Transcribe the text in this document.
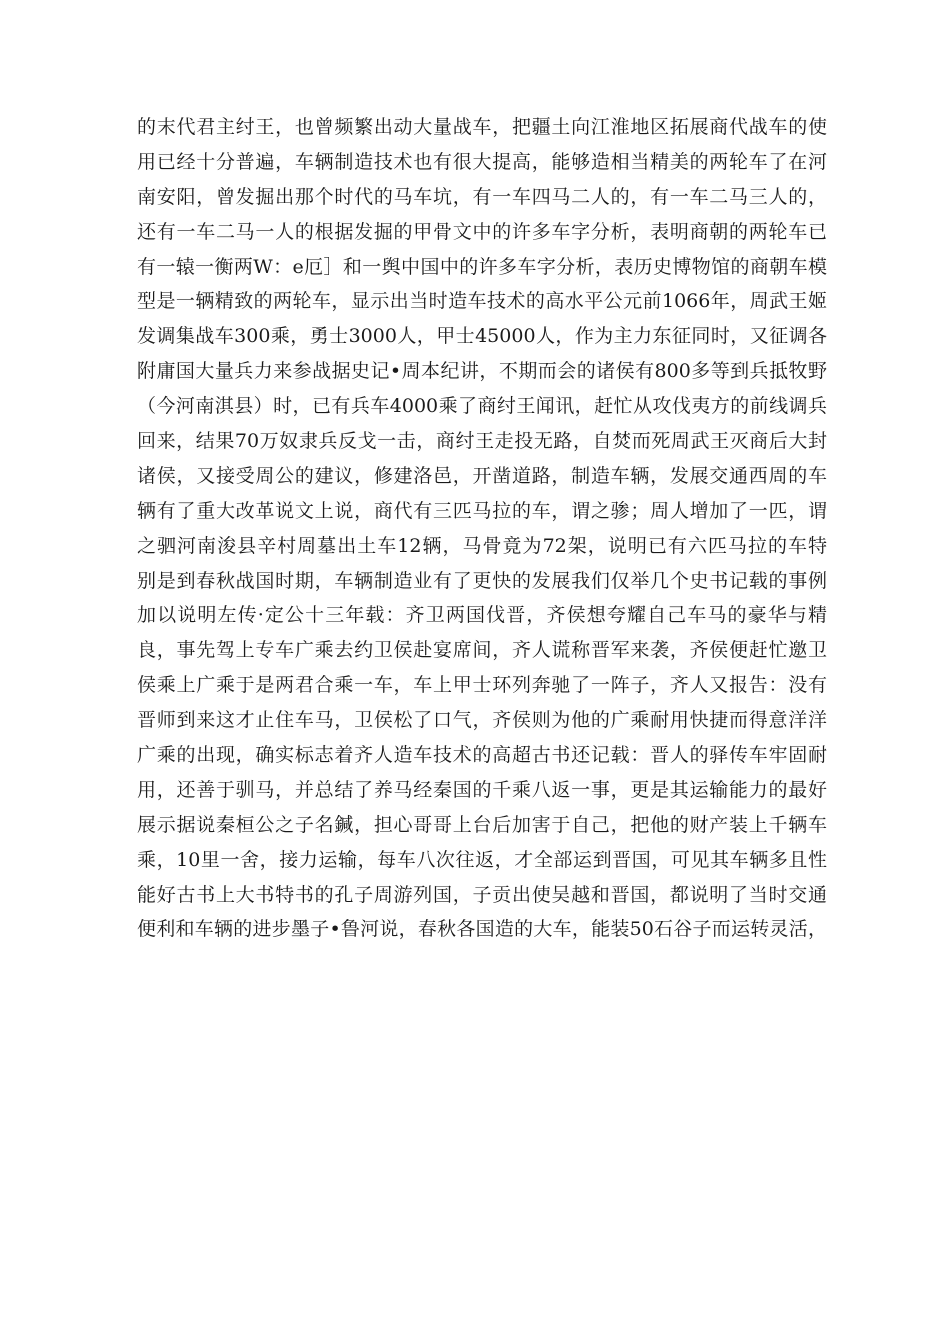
的末代君主纣王，也曾频繁出动大量战车，把疆土向江淮地区拓展商代战车的使
用已经十分普遍，车辆制造技术也有很大提高，能够造相当精美的两轮车了在河
南安阳，曾发掘出那个时代的马车坑，有一车四马二人的，有一车二马三人的，
还有一车二马一人的根据发掘的甲骨文中的许多车字分析，表明商朝的两轮车已
有一辕一衡两W：e厄］和一舆中国中的许多车字分析，表历史博物馆的商朝车模
型是一辆精致的两轮车，显示出当时造车技术的高水平公元前1066年，周武王姬
发调集战车300乘，勇士3000人，甲士45000人，作为主力东征同时，又征调各
附庸国大量兵力来参战据史记•周本纪讲，不期而会的诸侯有800多等到兵抵牧野
（今河南淇县）时，已有兵车4000乘了商纣王闻讯，赶忙从攻伐夷方的前线调兵
回来，结果70万奴隶兵反戈一击，商纣王走投无路，自焚而死周武王灭商后大封
诸侯，又接受周公的建议，修建洛邑，开凿道路，制造车辆，发展交通西周的车
辆有了重大改革说文上说，商代有三匹马拉的车，谓之骖；周人增加了一匹，谓
之驷河南浚县辛村周墓出土车12辆，马骨竟为72架，说明已有六匹马拉的车特
别是到春秋战国时期，车辆制造业有了更快的发展我们仅举几个史书记载的事例
加以说明左传·定公十三年载：齐卫两国伐晋，齐侯想夸耀自己车马的豪华与精
良，事先驾上专车广乘去约卫侯赴宴席间，齐人谎称晋军来袭，齐侯便赶忙邀卫
侯乘上广乘于是两君合乘一车，车上甲士环列奔驰了一阵子，齐人又报告：没有
晋师到来这才止住车马，卫侯松了口气，齐侯则为他的广乘耐用快捷而得意洋洋
广乘的出现，确实标志着齐人造车技术的高超古书还记载：晋人的驿传车牢固耐
用，还善于驯马，并总结了养马经秦国的千乘八返一事，更是其运输能力的最好
展示据说秦桓公之子名鍼，担心哥哥上台后加害于自己，把他的财产装上千辆车
乘，10里一舍，接力运输，每车八次往返，才全部运到晋国，可见其车辆多且性
能好古书上大书特书的孔子周游列国，子贡出使吴越和晋国，都说明了当时交通
便利和车辆的进步墨子•鲁河说，春秋各国造的大车，能装50石谷子而运转灵活，
